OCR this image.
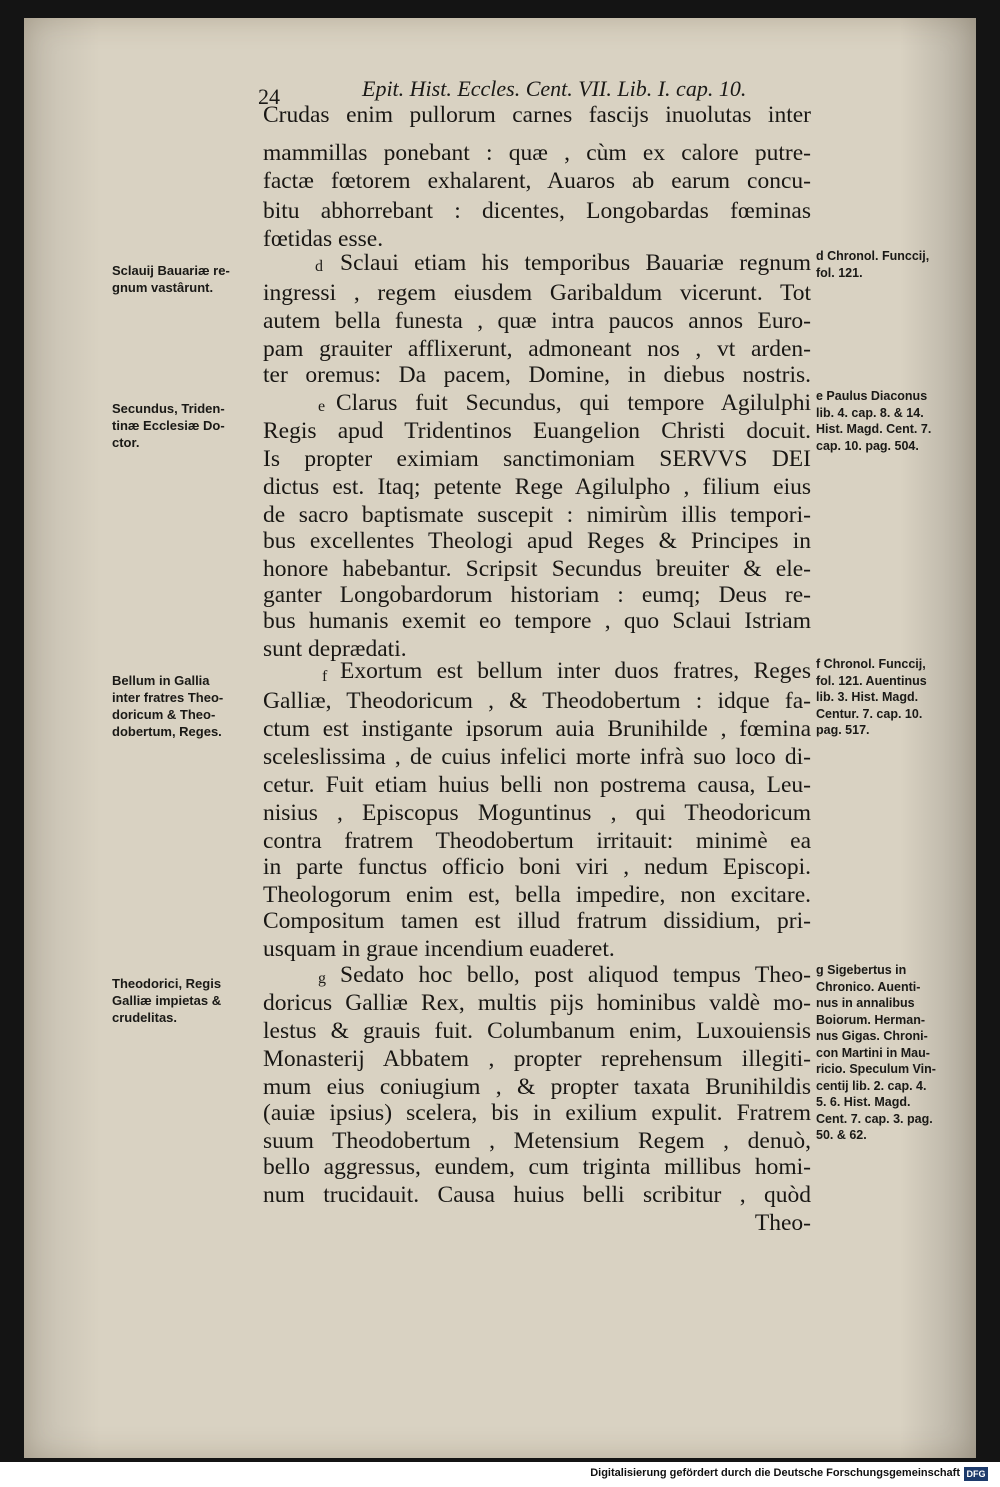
24	Epit. Hist. Eccles. Cent. VII. Lib. I. cap. 10.
Crudas enim pullorum carnes fascijs inuolutas inter
mammillas ponebant : quæ , cùm ex calore putre-
factæ fœtorem exhalarent, Auaros ab earum concu-
bitu abhorrebant : dicentes, Longobardas fœminas
fœtidas esse.
d Sclaui etiam his temporibus Bauariæ regnum
ingressi , regem eiusdem Garibaldum vicerunt. Tot
autem bella funesta , quæ intra paucos annos Euro-
pam grauiter afflixerunt, admoneant nos , vt arden-
ter oremus: Da pacem, Domine, in diebus nostris.
e Clarus fuit Secundus, qui tempore Agilulphi
Regis apud Tridentinos Euangelion Christi docuit.
Is propter eximiam sanctimoniam SERVVS DEI
dictus est. Itaq; petente Rege Agilulpho , filium eius
de sacro baptismate suscepit : nimirùm illis tempori-
bus excellentes Theologi apud Reges & Principes in
honore habebantur. Scripsit Secundus breuiter & ele-
ganter Longobardorum historiam : eumq; Deus re-
bus humanis exemit eo tempore , quo Sclaui Istriam
sunt deprædati.
f Exortum est bellum inter duos fratres, Reges
Galliæ, Theodoricum , & Theodobertum : idque fa-
ctum est instigante ipsorum auia Brunihilde , fœmina
sceleslissima , de cuius infelici morte infrà suo loco di-
cetur. Fuit etiam huius belli non postrema causa, Leu-
nisius , Episcopus Moguntinus , qui Theodoricum
contra fratrem Theodobertum irritauit: minimè ea
in parte functus officio boni viri , nedum Episcopi.
Theologorum enim est, bella impedire, non excitare.
Compositum tamen est illud fratrum dissidium, pri-
usquam in graue incendium euaderet.
g Sedato hoc bello, post aliquod tempus Theo-
doricus Galliæ Rex, multis pijs hominibus valdè mo-
lestus & grauis fuit. Columbanum enim, Luxouiensis
Monasterij Abbatem , propter reprehensum illegiti-
mum eius coniugium , & propter taxata Brunihildis
(auiæ ipsius) scelera, bis in exilium expulit. Fratrem
suum Theodobertum , Metensium Regem , denuò,
bello aggressus, eundem, cum triginta millibus homi-
num trucidauit. Causa huius belli scribitur , quòd
Theo-
Sclauij Bauariæ re-
gnum vastârunt.
Secundus, Triden-
tinæ Ecclesiæ Do-
ctor.
Bellum in Gallia
inter fratres Theo-
doricum & Theo-
dobertum, Reges.
Theodorici, Regis
Galliæ impietas &
crudelitas.
d Chronol. Funccij,
fol. 121.
e Paulus Diaconus
lib. 4. cap. 8. & 14.
Hist. Magd. Cent. 7.
cap. 10. pag. 504.
f Chronol. Funccij,
fol. 121. Auentinus
lib. 3. Hist. Magd.
Centur. 7. cap. 10.
pag. 517.
g Sigebertus in
Chronico. Auenti-
nus in annalibus
Boiorum. Herman-
nus Gigas. Chroni-
con Martini in Mau-
ricio. Speculum Vin-
centij lib. 2. cap. 4.
5. 6. Hist. Magd.
Cent. 7. cap. 3. pag.
50. & 62.
Digitalisierung gefördert durch die Deutsche Forschungsgemeinschaft DFG
